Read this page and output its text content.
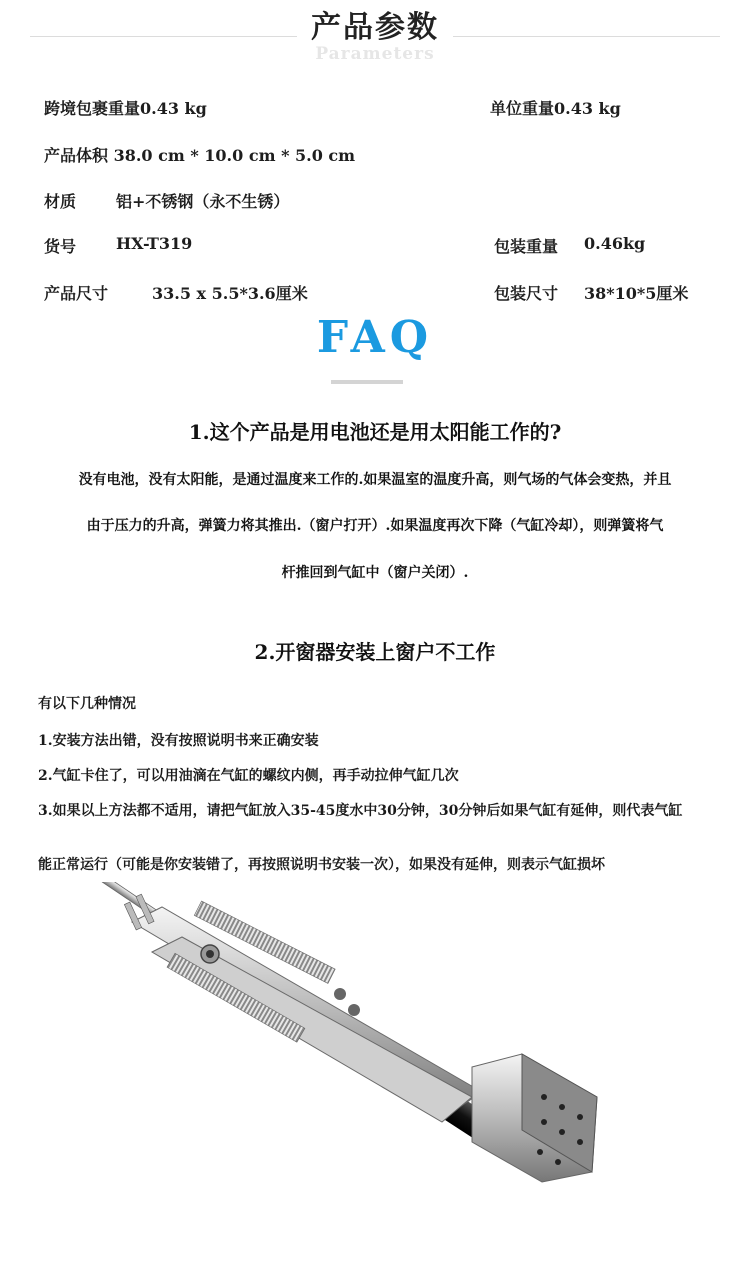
产品参数
Parameters
跨境包裹重量0.43 kg	单位重量0.43 kg
产品体积 38.0 cm * 10.0 cm * 5.0 cm
材质 铝+不锈钢（永不生锈）
货号 HX-T319	包装重量 0.46kg
产品尺寸	33.5 x 5.5*3.6厘米	包装尺寸 38*10*5厘米
FAQ
1.这个产品是用电池还是用太阳能工作的?
没有电池，没有太阳能，是通过温度来工作的.如果温室的温度升高，则气场的气体会变热，并且
由于压力的升高，弹簧力将其推出.（窗户打开）.如果温度再次下降（气缸冷却），则弹簧将气
杆推回到气缸中（窗户关闭）.
2.开窗器安装上窗户不工作
有以下几种情况
1.安装方法出错，没有按照说明书来正确安装
2.气缸卡住了，可以用油滴在气缸的螺纹内侧，再手动拉伸气缸几次
3.如果以上方法都不适用，请把气缸放入35-45度水中30分钟，30分钟后如果气缸有延伸，则代表气缸
能正常运行（可能是你安装错了，再按照说明书安装一次），如果没有延伸，则表示气缸损坏
